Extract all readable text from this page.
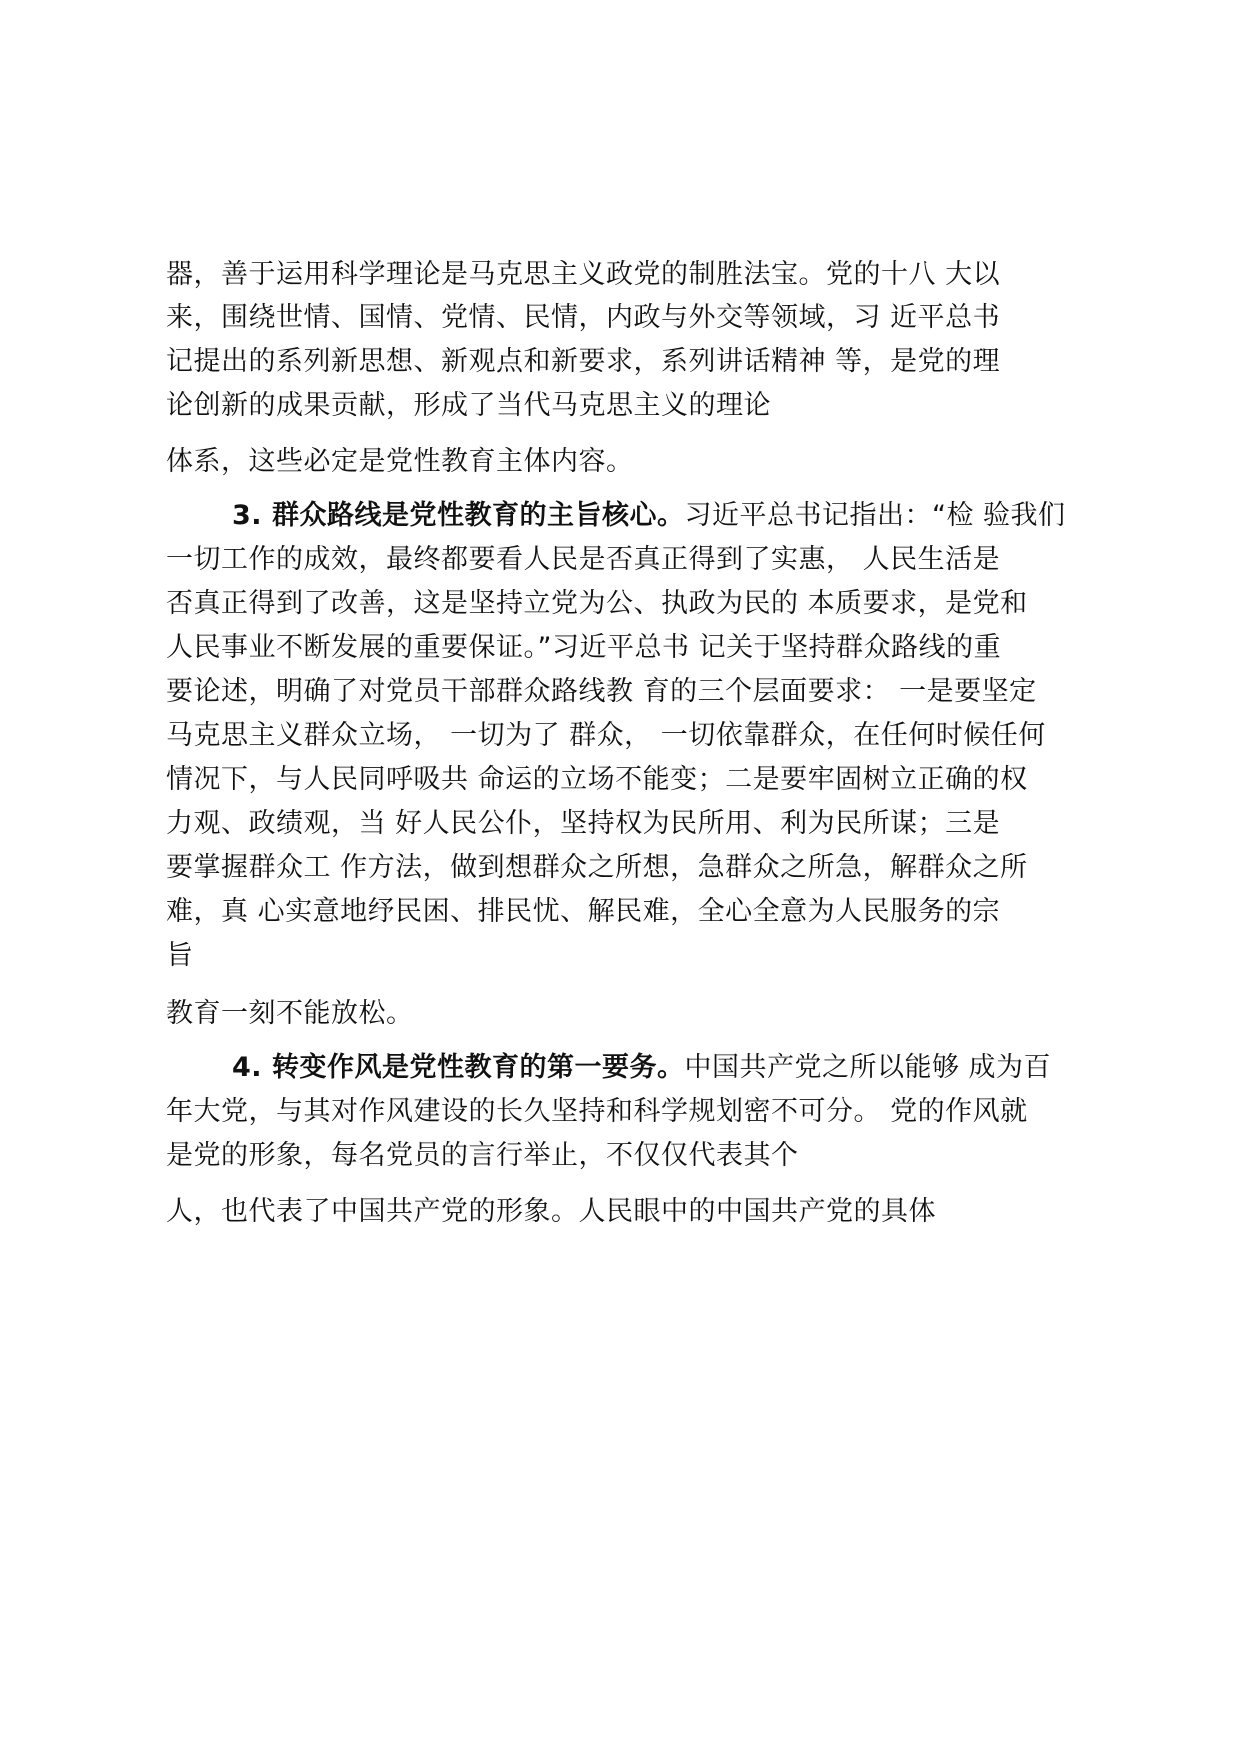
器，善于运用科学理论是马克思主义政党的制胜法宝。党的十八 大以
来，围绕世情、国情、党情、民情，内政与外交等领域，习 近平总书
记提出的系列新思想、新观点和新要求，系列讲话精神 等，是党的理
论创新的成果贡献，形成了当代马克思主义的理论
体系，这些必定是党性教育主体内容。
3. 群众路线是党性教育的主旨核心。习近平总书记指出：“检 验我们
一切工作的成效，最终都要看人民是否真正得到了实惠， 人民生活是
否真正得到了改善，这是坚持立党为公、执政为民的 本质要求，是党和
人民事业不断发展的重要保证。”习近平总书 记关于坚持群众路线的重
要论述，明确了对党员干部群众路线教 育的三个层面要求： 一是要坚定
马克思主义群众立场， 一切为了 群众， 一切依靠群众，在任何时候任何
情况下，与人民同呼吸共 命运的立场不能变；二是要牢固树立正确的权
力观、政绩观，当 好人民公仆，坚持权为民所用、利为民所谋；三是
要掌握群众工 作方法，做到想群众之所想，急群众之所急，解群众之所
难，真 心实意地纾民困、排民忧、解民难，全心全意为人民服务的宗
旨
教育一刻不能放松。
4. 转变作风是党性教育的第一要务。中国共产党之所以能够 成为百
年大党，与其对作风建设的长久坚持和科学规划密不可分。 党的作风就
是党的形象，每名党员的言行举止，不仅仅代表其个
人，也代表了中国共产党的形象。人民眼中的中国共产党的具体
